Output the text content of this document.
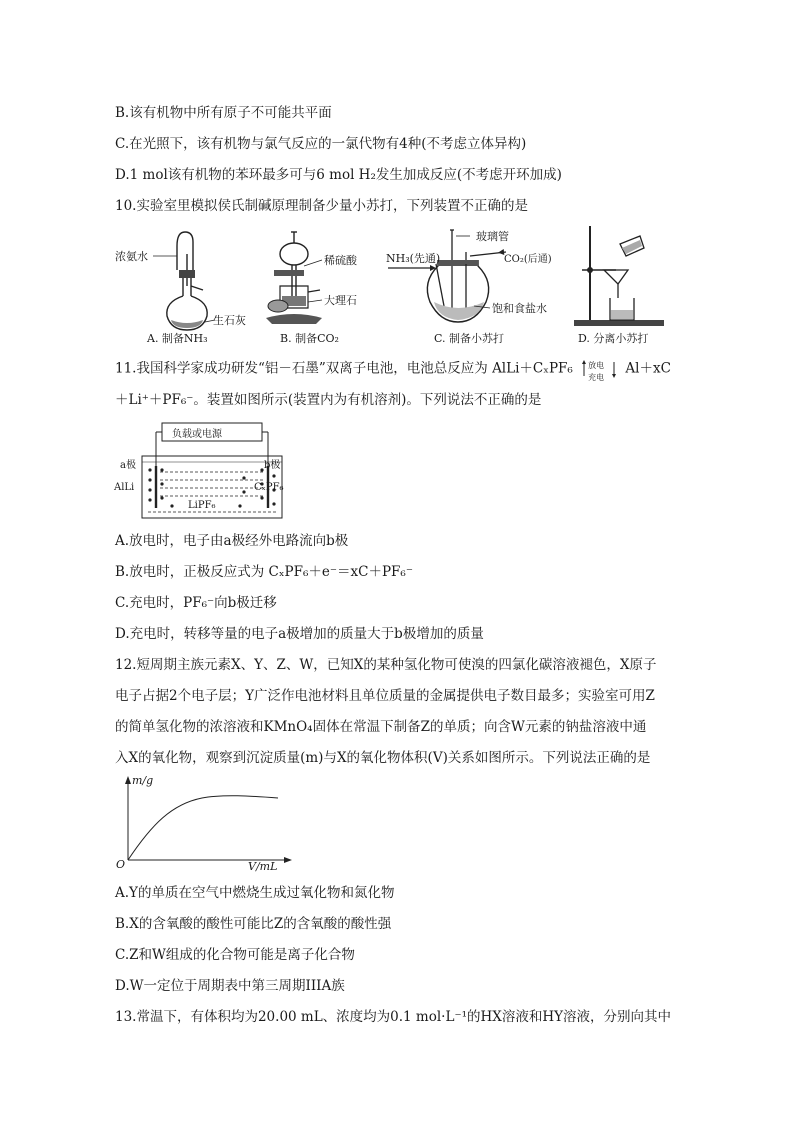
B.该有机物中所有原子不可能共平面
C.在光照下，该有机物与氯气反应的一氯代物有4种(不考虑立体异构)
D.1 mol该有机物的苯环最多可与6 mol H₂发生加成反应(不考虑开环加成)
10.实验室里模拟侯氏制碱原理制备少量小苏打，下列装置不正确的是
浓氨水
生石灰
A. 制备NH₃
稀硫酸
大理石
B. 制备CO₂
NH₃(先通)
玻璃管
CO₂(后通)
饱和食盐水
C. 制备小苏打	D. 分离小苏打
11.我国科学家成功研发“铝－石墨”双离子电池，电池总反应为 AlLi＋CₓPF₆ 放电
充电
Al＋xC
＋Li⁺＋PF₆⁻。装置如图所示(装置内为有机溶剂)。下列说法不正确的是
负载或电源
a极
AlLi
b极
CₓPF₆
LiPF₆
A.放电时，电子由a极经外电路流向b极
B.放电时，正极反应式为 CₓPF₆＋e⁻＝xC＋PF₆⁻
C.充电时，PF₆⁻向b极迁移
D.充电时，转移等量的电子a极增加的质量大于b极增加的质量
12.短周期主族元素X、Y、Z、W，已知X的某种氢化物可使溴的四氯化碳溶液褪色，X原子
电子占据2个电子层；Y广泛作电池材料且单位质量的金属提供电子数目最多；实验室可用Z
的简单氢化物的浓溶液和KMnO₄固体在常温下制备Z的单质；向含W元素的钠盐溶液中通
入X的氧化物，观察到沉淀质量(m)与X的氧化物体积(V)关系如图所示。下列说法正确的是
m/g
V/mL
O
A.Y的单质在空气中燃烧生成过氧化物和氮化物
B.X的含氧酸的酸性可能比Z的含氧酸的酸性强
C.Z和W组成的化合物可能是离子化合物
D.W一定位于周期表中第三周期IIIA族
13.常温下，有体积均为20.00 mL、浓度均为0.1 mol·L⁻¹的HX溶液和HY溶液，分别向其中
